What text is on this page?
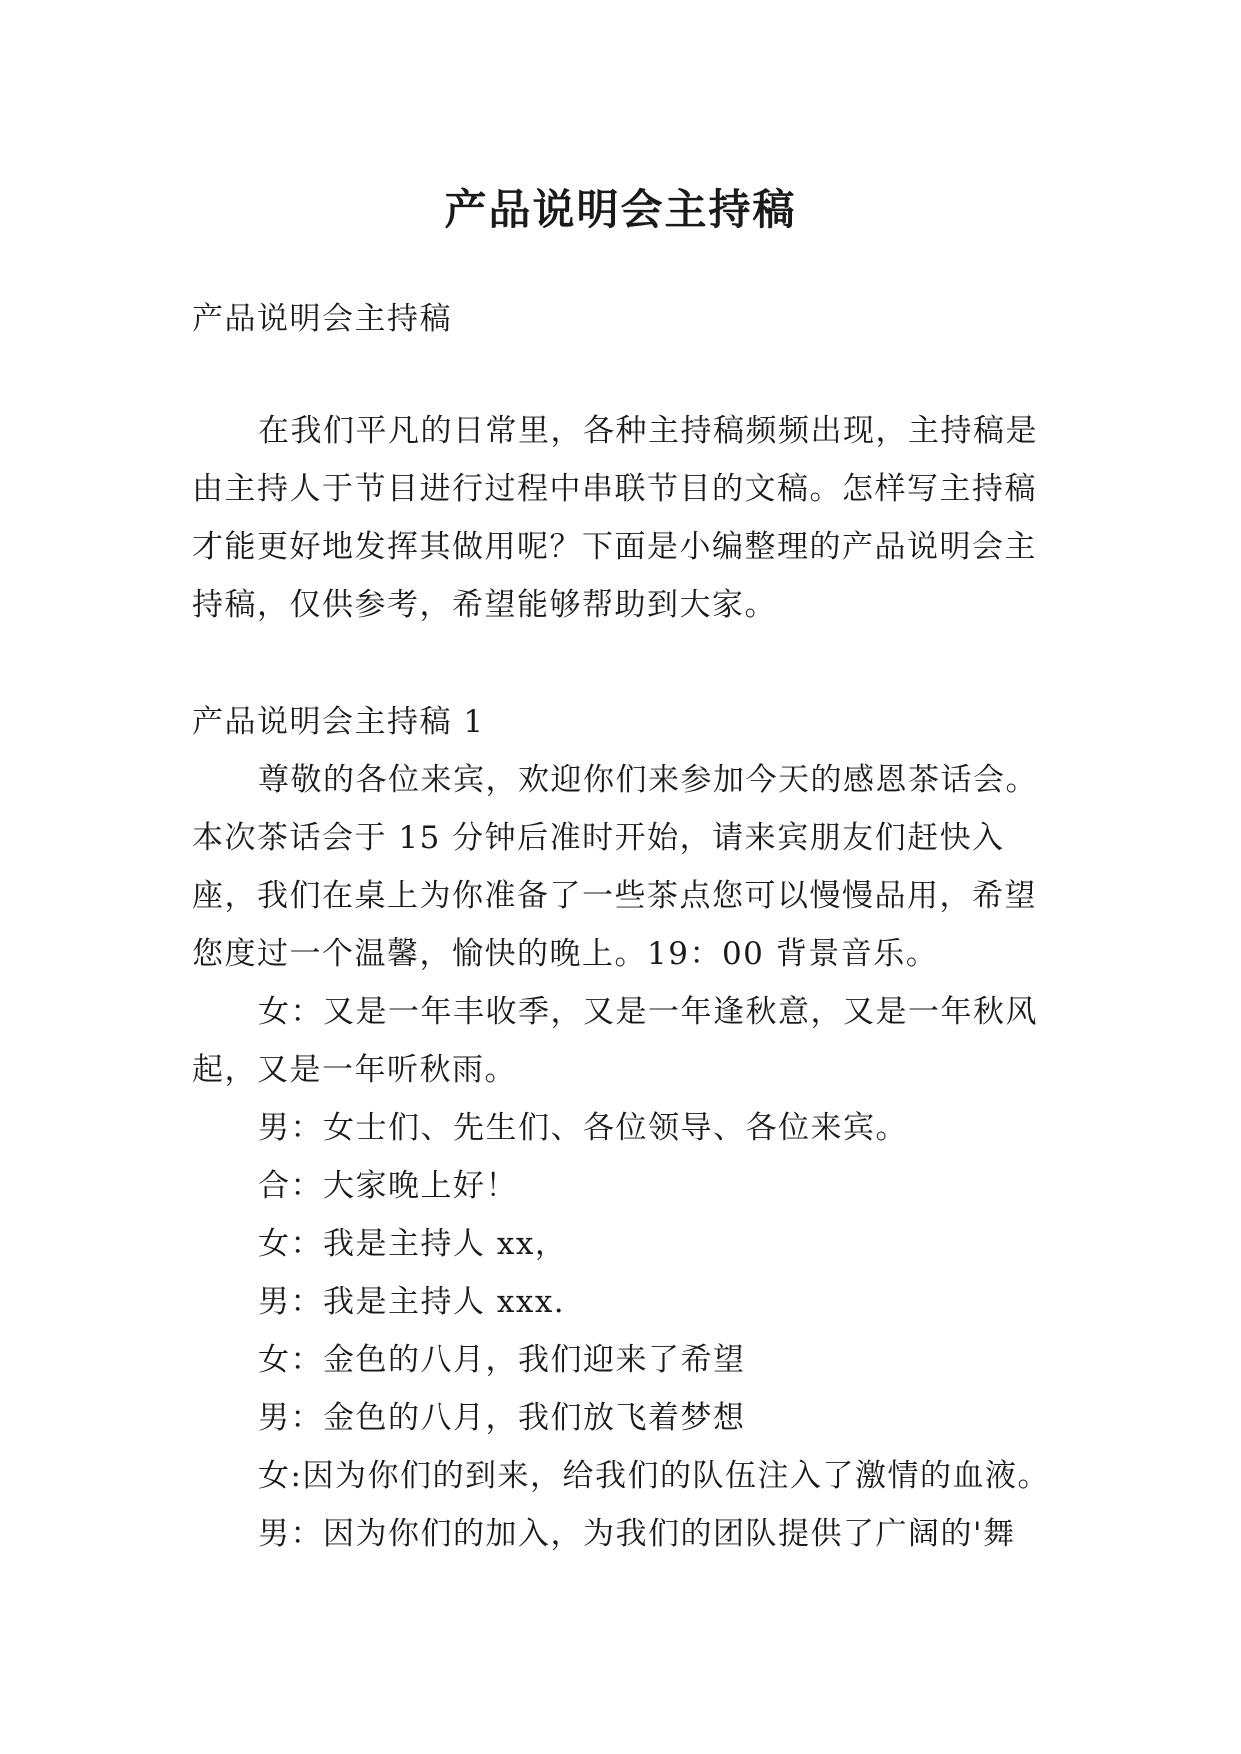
产品说明会主持稿
产品说明会主持稿
在我们平凡的日常里，各种主持稿频频出现，主持稿是由主持人于节目进行过程中串联节目的文稿。怎样写主持稿才能更好地发挥其做用呢？下面是小编整理的产品说明会主持稿，仅供参考，希望能够帮助到大家。

产品说明会主持稿 1

尊敬的各位来宾，欢迎你们来参加今天的感恩茶话会。本次茶话会于 15 分钟后准时开始，请来宾朋友们赶快入座，我们在桌上为你准备了一些茶点您可以慢慢品用，希望您度过一个温馨，愉快的晚上。19：00 背景音乐。

女：又是一年丰收季，又是一年逢秋意，又是一年秋风起，又是一年听秋雨。

男：女士们、先生们、各位领导、各位来宾。

合：大家晚上好！

女：我是主持人 xx，

男：我是主持人 xxx.

女：金色的八月，我们迎来了希望

男：金色的八月，我们放飞着梦想

女:因为你们的到来，给我们的队伍注入了激情的血液。

男：因为你们的加入，为我们的团队提供了广阔的'舞
